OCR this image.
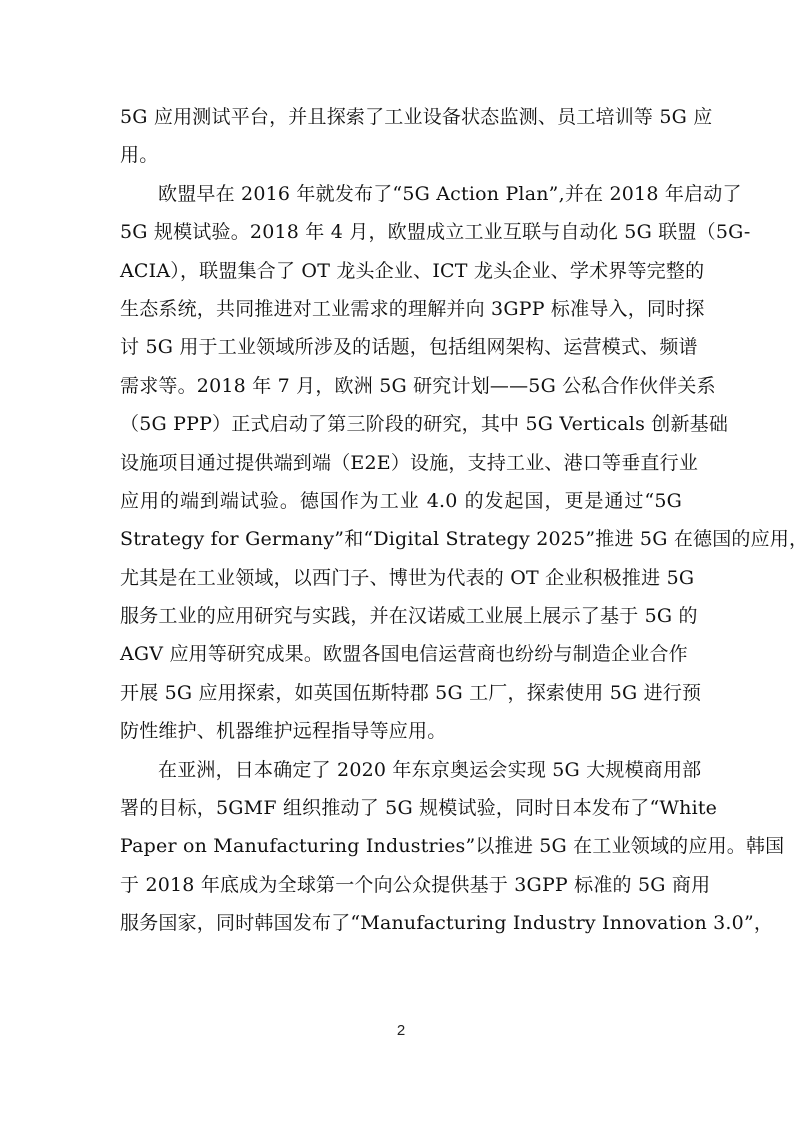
5G 应用测试平台，并且探索了工业设备状态监测、员工培训等 5G 应
用。
欧盟早在 2016 年就发布了“5G Action Plan”,并在 2018 年启动了
5G 规模试验。2018 年 4 月，欧盟成立工业互联与自动化 5G 联盟（5G-
ACIA），联盟集合了 OT 龙头企业、ICT 龙头企业、学术界等完整的
生态系统，共同推进对工业需求的理解并向 3GPP 标准导入，同时探
讨 5G 用于工业领域所涉及的话题，包括组网架构、运营模式、频谱
需求等。2018 年 7 月，欧洲 5G 研究计划——5G 公私合作伙伴关系
（5G PPP）正式启动了第三阶段的研究，其中 5G Verticals 创新基础
设施项目通过提供端到端（E2E）设施，支持工业、港口等垂直行业
应用的端到端试验。德国作为工业 4.0 的发起国，更是通过“5G
Strategy for Germany”和“Digital Strategy 2025”推进 5G 在德国的应用，
尤其是在工业领域，以西门子、博世为代表的 OT 企业积极推进 5G
服务工业的应用研究与实践，并在汉诺威工业展上展示了基于 5G 的
AGV 应用等研究成果。欧盟各国电信运营商也纷纷与制造企业合作
开展 5G 应用探索，如英国伍斯特郡 5G 工厂，探索使用 5G 进行预
防性维护、机器维护远程指导等应用。
在亚洲，日本确定了 2020 年东京奥运会实现 5G 大规模商用部
署的目标，5GMF 组织推动了 5G 规模试验，同时日本发布了“White
Paper on Manufacturing Industries”以推进 5G 在工业领域的应用。韩国
于 2018 年底成为全球第一个向公众提供基于 3GPP 标准的 5G 商用
服务国家，同时韩国发布了“Manufacturing Industry Innovation 3.0”，
2
